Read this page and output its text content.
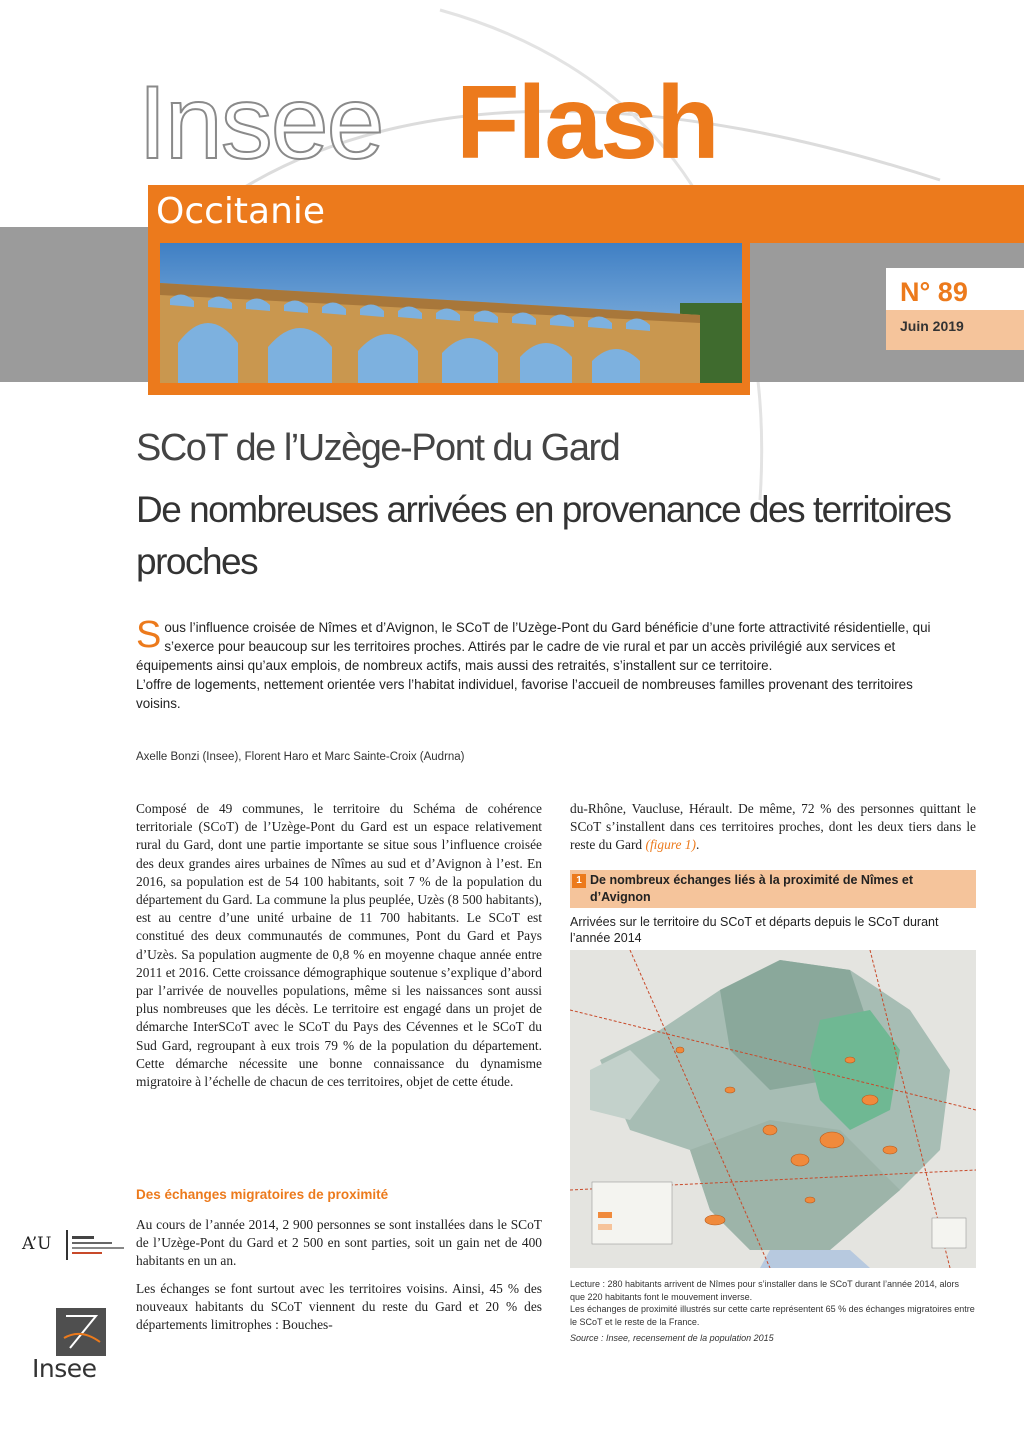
Insee Flash
Occitanie
N° 89
Juin 2019
SCoT de l’Uzège-Pont du Gard
De nombreuses arrivées en provenance des territoires proches

Sous l’influence croisée de Nîmes et d’Avignon, le SCoT de l’Uzège-Pont du Gard bénéficie d’une forte attractivité résidentielle, qui s’exerce pour beaucoup sur les territoires proches. Attirés par le cadre de vie rural et par un accès privilégié aux services et équipements ainsi qu’aux emplois, de nombreux actifs, mais aussi des retraités, s’installent sur ce territoire.

L’offre de logements, nettement orientée vers l’habitat individuel, favorise l’accueil de nombreuses familles provenant des territoires voisins.

Axelle Bonzi (Insee), Florent Haro et Marc Sainte-Croix (Audrna)

Composé de 49 communes, le territoire du Schéma de cohérence territoriale (SCoT) de l’Uzège-Pont du Gard est un espace relativement rural du Gard, dont une partie importante se situe sous l’influence croisée des deux grandes aires urbaines de Nîmes au sud et d’Avignon à l’est. En 2016, sa population est de 54 100 habitants, soit 7 % de la population du département du Gard. La commune la plus peuplée, Uzès (8 500 habitants), est au centre d’une unité urbaine de 11 700 habitants. Le SCoT est constitué des deux communautés de communes, Pont du Gard et Pays d’Uzès. Sa population augmente de 0,8 % en moyenne chaque année entre 2011 et 2016. Cette croissance démographique soutenue s’explique d’abord par l’arrivée de nouvelles populations, même si les naissances sont aussi plus nombreuses que les décès. Le territoire est engagé dans un projet de démarche InterSCoT avec le SCoT du Pays des Cévennes et le SCoT du Sud Gard, regroupant à eux trois 79 % de la population du département. Cette démarche nécessite une bonne connaissance du dynamisme migratoire à l’échelle de chacun de ces territoires, objet de cette étude.

Des échanges migratoires de proximité

Au cours de l’année 2014, 2 900 personnes se sont installées dans le SCoT de l’Uzège-Pont du Gard et 2 500 en sont parties, soit un gain net de 400 habitants en un an.

Les échanges se font surtout avec les territoires voisins. Ainsi, 45 % des nouveaux habitants du SCoT viennent du reste du Gard et 20 % des départements limitrophes : Bouches-

du-Rhône, Vaucluse, Hérault. De même, 72 % des personnes quittant le SCoT s’installent dans ces territoires proches, dont les deux tiers dans le reste du Gard (figure 1).

1 De nombreux échanges liés à la proximité de Nîmes et d’Avignon
Arrivées sur le territoire du SCoT et départs depuis le SCoT durant l’année 2014

Lecture : 280 habitants arrivent de Nîmes pour s’installer dans le SCoT durant l’année 2014, alors que 220 habitants font le mouvement inverse.

Les échanges de proximité illustrés sur cette carte représentent 65 % des échanges migratoires entre le SCoT et le reste de la France.

Source : Insee, recensement de la population 2015

A’U
Insee
